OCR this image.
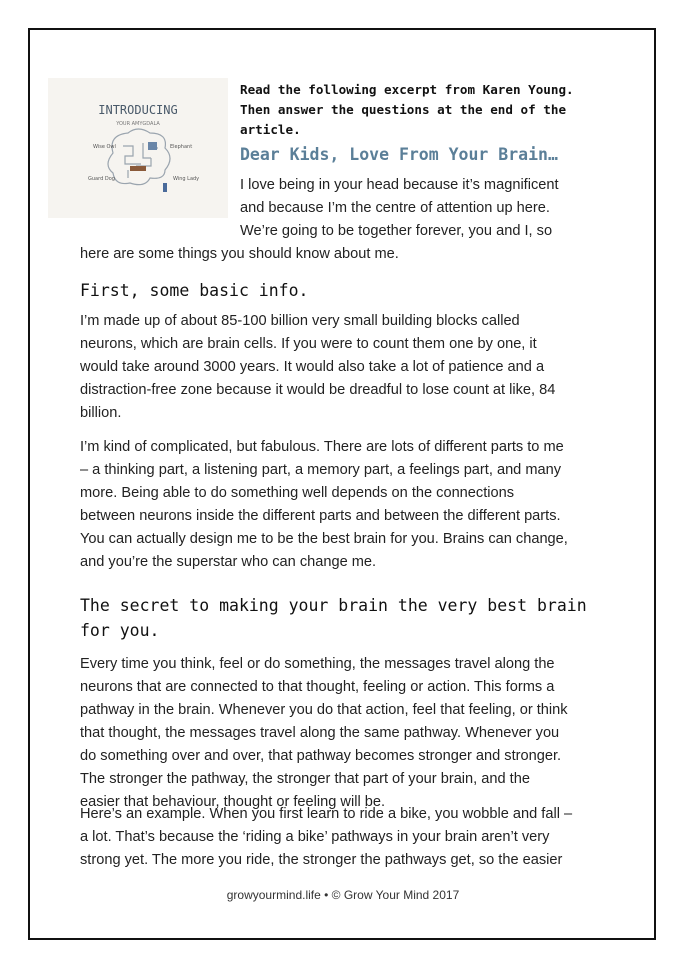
INTRODUCING
YOUR AMYGDALA
Wise Owl	Elephant
Guard Dog	Wing Lady
Read the following excerpt from Karen Young.
Then answer the questions at the end of the
article.
Dear Kids, Love From Your Brain…
I love being in your head because it’s magnificent
and because I’m the centre of attention up here.
We’re going to be together forever, you and I, so
here are some things you should know about me.
First, some basic info.
I’m made up of about 85-100 billion very small building blocks called
neurons, which are brain cells. If you were to count them one by one, it
would take around 3000 years. It would also take a lot of patience and a
distraction-free zone because it would be dreadful to lose count at like, 84
billion.
I’m kind of complicated, but fabulous. There are lots of different parts to me
– a thinking part, a listening part, a memory part, a feelings part, and many
more. Being able to do something well depends on the connections
between neurons inside the different parts and between the different parts.
You can actually design me to be the best brain for you. Brains can change,
and you’re the superstar who can change me.
The secret to making your brain the very best brain
for you.
Every time you think, feel or do something, the messages travel along the
neurons that are connected to that thought, feeling or action. This forms a
pathway in the brain. Whenever you do that action, feel that feeling, or think
that thought, the messages travel along the same pathway. Whenever you
do something over and over, that pathway becomes stronger and stronger.
The stronger the pathway, the stronger that part of your brain, and the
easier that behaviour, thought or feeling will be.
Here’s an example. When you first learn to ride a bike, you wobble and fall –
a lot. That’s because the ‘riding a bike’ pathways in your brain aren’t very
strong yet. The more you ride, the stronger the pathways get, so the easier
growyourmind.life • © Grow Your Mind 2017
